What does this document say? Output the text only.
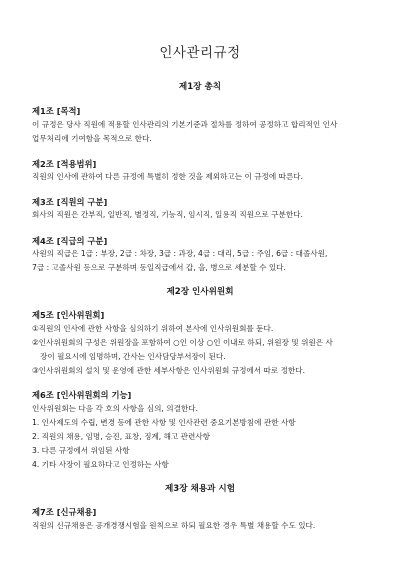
인사관리규정
제1장 총칙
제1조 [목적]
이 규정은 당사 직원에 적용할 인사관리의 기본기준과 절차를 정하여 공정하고 합리적인 인사
업무처리에 기여함을 목적으로 한다.
제2조 [적용범위]
직원의 인사에 관하여 다른 규정에 특별히 정한 것을 제외하고는 이 규정에 따른다.
제3조 [직원의 구분]
회사의 직원은 간부직, 일반직, 별정직, 기능직, 임시직, 일용직 직원으로 구분한다.
제4조 [직급의 구분]
사원의 직급은 1급 : 부장, 2급 : 차장, 3급 : 과장, 4급 : 대리, 5급 : 주임, 6급 : 대졸사원,
7급 : 고졸사원 등으로 구분하며 동일직급에서 갑, 을, 병으로 세분할 수 있다.
제2장 인사위원회
제5조 [인사위원회]
①직원의 인사에 관한 사항을 심의하기 위하여 본사에 인사위원회를 둔다.
②인사위원회의 구성은 위원장을 포함하여 ○인 이상 ○인 이내로 하되, 위원장 및 위원은 사
장이 필요시에 임명하며, 간사는 인사담당부서장이 된다.
③인사위원회의 설치 및 운영에 관한 세부사항은 인사위원회 규정에서 따로 정한다.
제6조 [인사위원회의 기능]
인사위원회는 다음 각 호의 사항을 심의, 의결한다.
1. 인사제도의 수립, 변경 등에 관한 사항 및 인사관련 중요기본방침에 관한 사항
2. 직원의 채용, 임명, 승진, 표창, 징계, 해고 관련사항
3. 다른 규정에서 위임된 사항
4. 기타 사장이 필요하다고 인정하는 사항
제3장 채용과 시험
제7조 [신규채용]
직원의 신규채용은 공개경쟁시험을 원칙으로 하되 필요한 경우 특별 채용할 수도 있다.
